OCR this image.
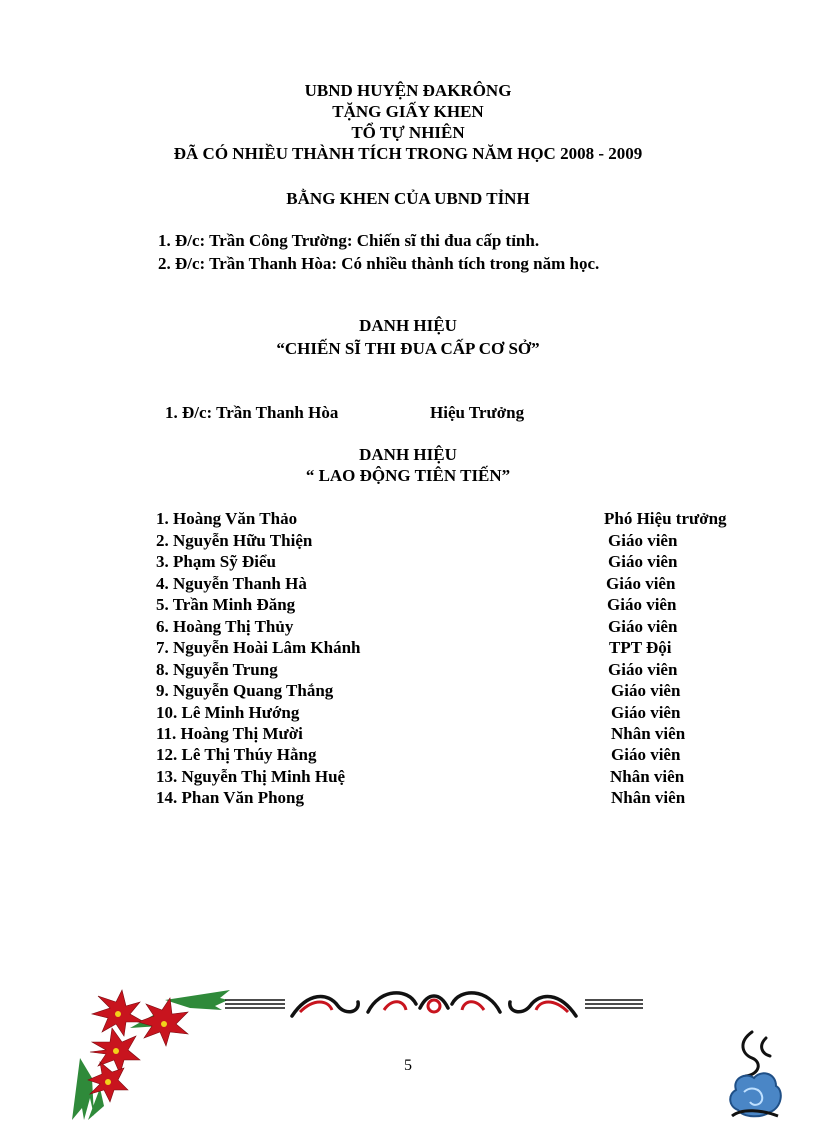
UBND HUYỆN ĐAKRÔNG
TẶNG GIẤY KHEN
TỔ TỰ NHIÊN
ĐÃ CÓ NHIỀU THÀNH TÍCH TRONG NĂM HỌC 2008 - 2009
BẰNG KHEN CỦA UBND TỈNH
1. Đ/c: Trần Công Trường: Chiến sĩ thi đua cấp tỉnh.
2. Đ/c: Trần Thanh Hòa: Có nhiều thành tích trong năm học.
DANH HIỆU
“CHIẾN SĨ THI ĐUA CẤP CƠ SỞ”
1. Đ/c: Trần Thanh Hòa	Hiệu Trưởng
DANH HIỆU
“ LAO ĐỘNG TIÊN TIẾN”
1. Hoàng Văn Thảo	Phó Hiệu trưởng
2. Nguyễn Hữu Thiện	Giáo viên
3. Phạm Sỹ Điểu	Giáo viên
4. Nguyễn Thanh Hà	Giáo viên
5. Trần Minh Đăng	Giáo viên
6. Hoàng Thị Thủy	Giáo viên
7. Nguyễn Hoài Lâm Khánh	TPT Đội
8. Nguyễn Trung	Giáo viên
9. Nguyễn Quang Thắng	Giáo viên
10. Lê Minh Hướng	Giáo viên
11. Hoàng Thị Mười	Nhân viên
12. Lê Thị Thúy Hằng	Giáo viên
13. Nguyễn Thị Minh Huệ	Nhân viên
14. Phan Văn Phong	Nhân viên
5
